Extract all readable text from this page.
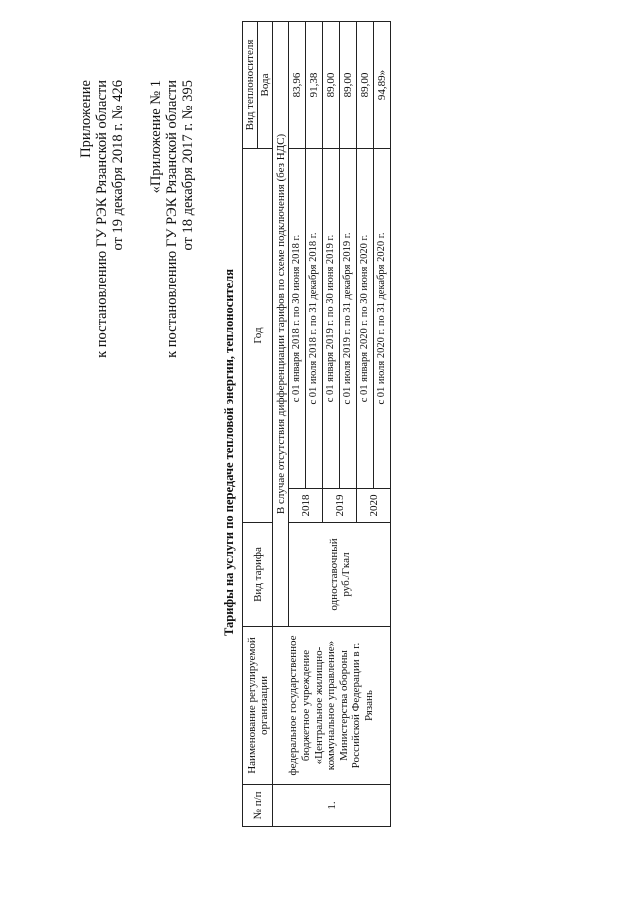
Приложение к постановлению ГУ РЭК Рязанской области от 19 декабря 2018 г. № 426 «Приложение № 1 к постановлению ГУ РЭК Рязанской области от 18 декабря 2017 г. № 395
Тарифы на услуги по передаче тепловой энергии, теплоносителя
№ п/п	Наименование регулируемой организации	Вид тарифа	Год		Вид теплоносителя
					Вода
1.	федеральное государственное бюджетное учреждение «Центральное жилищно-коммунальное управление» Министерства обороны Российской Федерации в г. Рязань	В случае отсутствия дифференциации тарифов по схеме подключения (без НДС)			
		одноставочный руб./Гкал	2018	с 01 января 2018 г. по 30 июня 2018 г.	83,96
				с 01 июля 2018 г. по 31 декабря 2018 г.	91,38
			2019	с 01 января 2019 г. по 30 июня 2019 г.	89,00
				с 01 июля 2019 г. по 31 декабря 2019 г.	89,00
			2020	с 01 января 2020 г. по 30 июня 2020 г.	89,00
				с 01 июля 2020 г. по 31 декабря 2020 г.	94,89»
